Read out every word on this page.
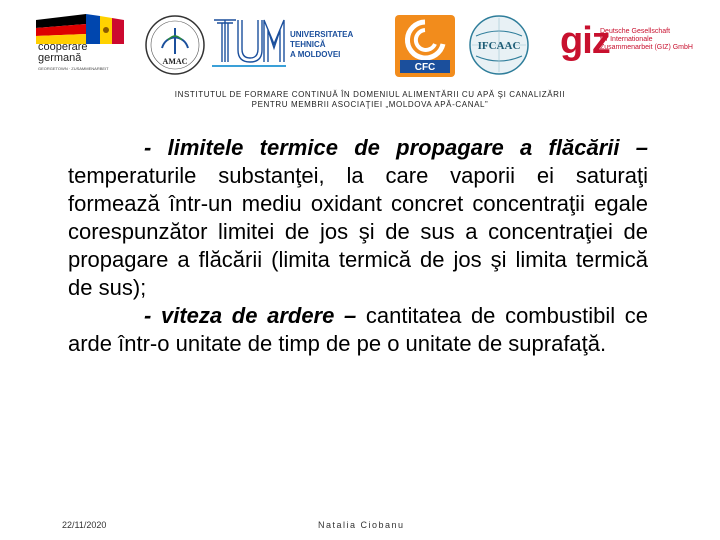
cooperare
germană
GEORGETOWN · ZUSAMMENARBEIT
AMAC
UNIVERSITATEA TEHNICĂ
A MOLDOVEI
CFC
IFCAAC giz
Deutsche Gesellschaft
für Internationale
Zusammenarbeit (GIZ) GmbH
INSTITUTUL DE FORMARE CONTINUĂ ÎN DOMENIUL ALIMENTĂRII CU APĂ ŞI CANALIZĂRII
PENTRU MEMBRII ASOCIAŢIEI „MOLDOVA APĂ-CANAL”

- limitele termice de propagare a flăcării – temperaturile substanţei, la care vaporii ei saturaţi formează într-un mediu oxidant concret concentraţii egale corespunzător limitei de jos şi de sus a concentraţiei de propagare a flăcării (limita termică de jos şi limita termică de sus);

- viteza de ardere – cantitatea de combustibil ce arde într-o unitate de timp de pe o unitate de suprafaţă.

22/11/2020	Natalia Ciobanu
